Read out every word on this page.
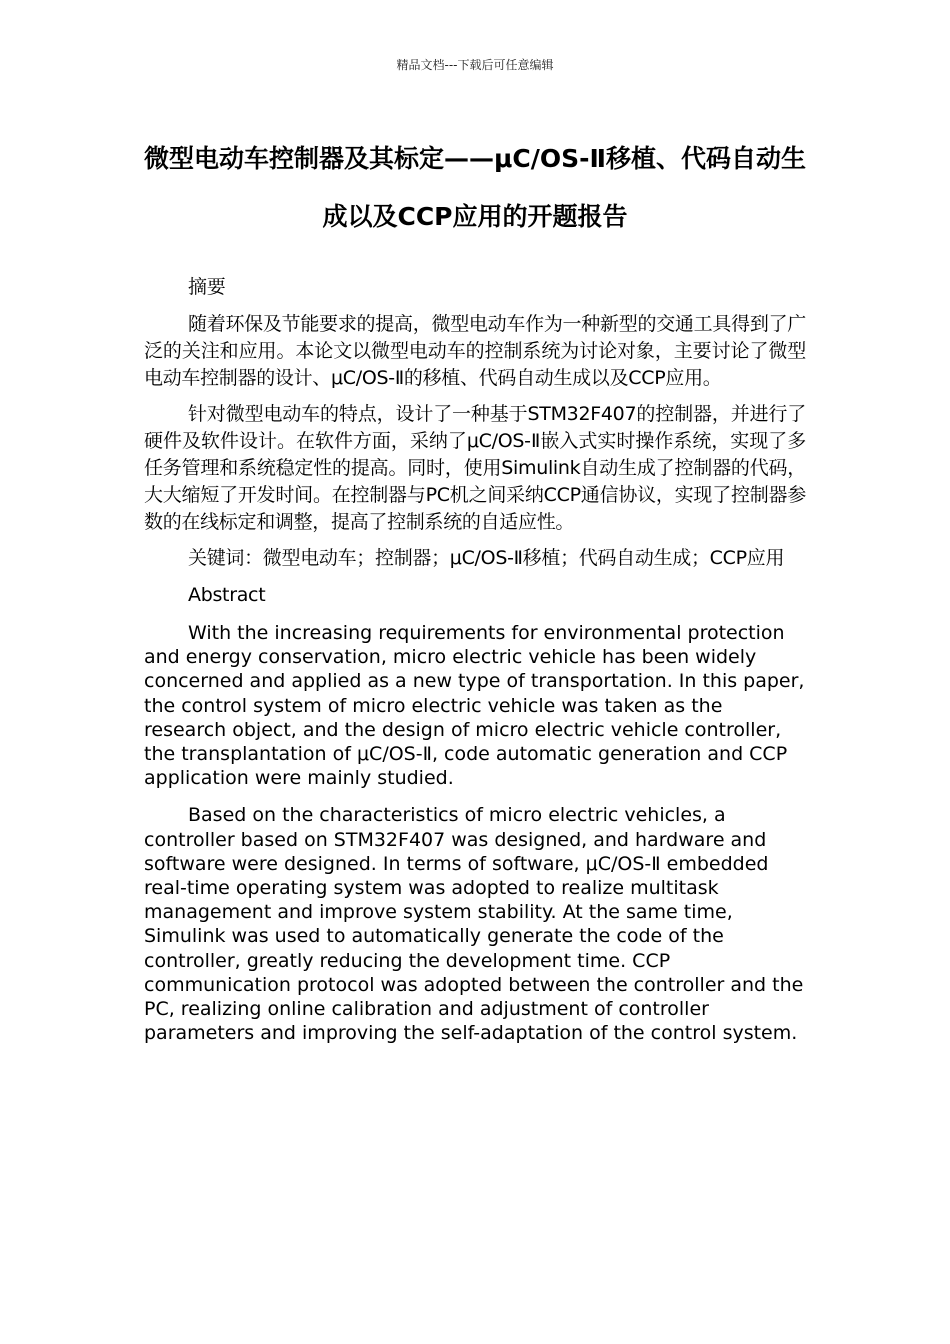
精品文档---下载后可任意编辑
微型电动车控制器及其标定——μC/OS-Ⅱ移植、代码自动生成以及CCP应用的开题报告

摘要

随着环保及节能要求的提高，微型电动车作为一种新型的交通工具得到了广泛的关注和应用。本论文以微型电动车的控制系统为讨论对象，主要讨论了微型电动车控制器的设计、μC/OS-Ⅱ的移植、代码自动生成以及CCP应用。

针对微型电动车的特点，设计了一种基于STM32F407的控制器，并进行了硬件及软件设计。在软件方面，采纳了μC/OS-Ⅱ嵌入式实时操作系统，实现了多任务管理和系统稳定性的提高。同时，使用Simulink自动生成了控制器的代码，大大缩短了开发时间。在控制器与PC机之间采纳CCP通信协议，实现了控制器参数的在线标定和调整，提高了控制系统的自适应性。

关键词：微型电动车；控制器；μC/OS-Ⅱ移植；代码自动生成；CCP应用

Abstract

With the increasing requirements for environmental protection and energy conservation, micro electric vehicle has been widely concerned and applied as a new type of transportation. In this paper, the control system of micro electric vehicle was taken as the research object, and the design of micro electric vehicle controller, the transplantation of μC/OS-Ⅱ, code automatic generation and CCP application were mainly studied.

Based on the characteristics of micro electric vehicles, a controller based on STM32F407 was designed, and hardware and software were designed. In terms of software, μC/OS-Ⅱ embedded real-time operating system was adopted to realize multitask management and improve system stability. At the same time, Simulink was used to automatically generate the code of the controller, greatly reducing the development time. CCP communication protocol was adopted between the controller and the PC, realizing online calibration and adjustment of controller parameters and improving the self-adaptation of the control system.
